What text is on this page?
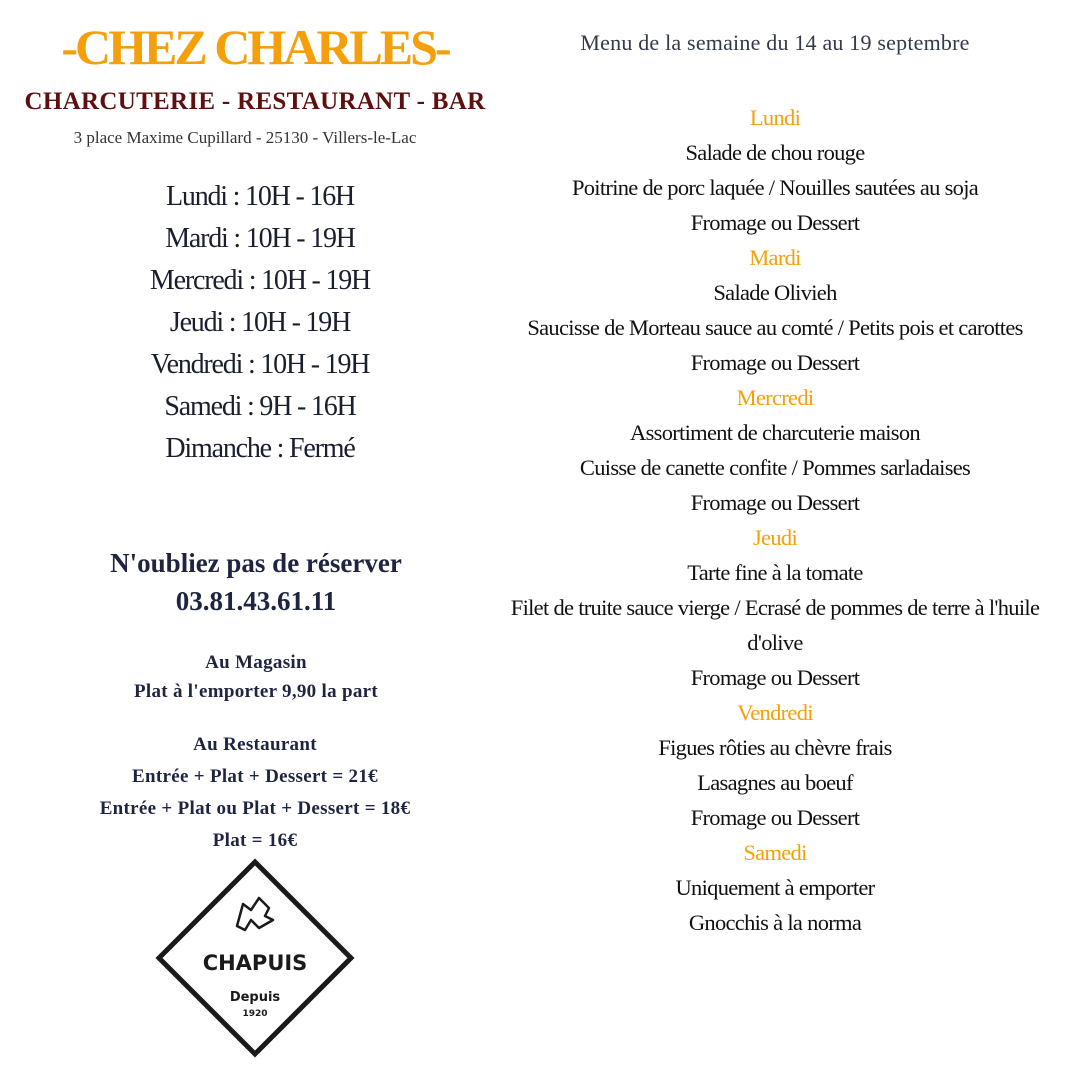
-CHEZ CHARLES-
CHARCUTERIE - RESTAURANT - BAR
3 place Maxime Cupillard - 25130 - Villers-le-Lac
Lundi : 10H - 16H
Mardi : 10H - 19H
Mercredi : 10H - 19H
Jeudi : 10H - 19H
Vendredi : 10H - 19H
Samedi : 9H - 16H
Dimanche : Fermé
N'oubliez pas de réserver
03.81.43.61.11
Au Magasin
Plat à l'emporter 9,90 la part
Au Restaurant
Entrée + Plat + Dessert = 21€
Entrée + Plat ou Plat + Dessert = 18€
Plat = 16€
CHAPUIS
Depuis
1920
Menu de la semaine du 14 au 19 septembre
Lundi
Salade de chou rouge
Poitrine de porc laquée / Nouilles sautées au soja
Fromage ou Dessert
Mardi
Salade Olivieh
Saucisse de Morteau sauce au comté / Petits pois et carottes
Fromage ou Dessert
Mercredi
Assortiment de charcuterie maison
Cuisse de canette confite / Pommes sarladaises
Fromage ou Dessert
Jeudi
Tarte fine à la tomate
Filet de truite sauce vierge / Ecrasé de pommes de terre à l'huile
d'olive
Fromage ou Dessert
Vendredi
Figues rôties au chèvre frais
Lasagnes au boeuf
Fromage ou Dessert
Samedi
Uniquement à emporter
Gnocchis à la norma
